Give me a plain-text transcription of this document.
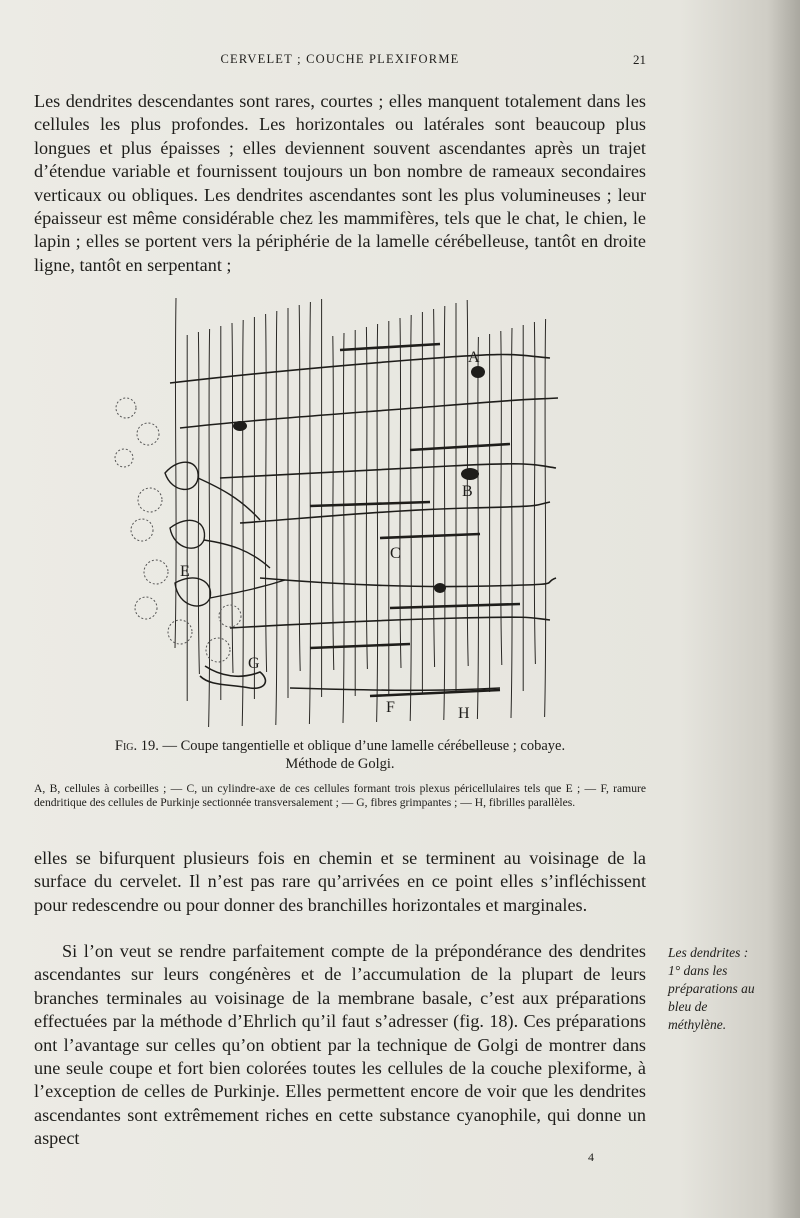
CERVELET ; COUCHE PLEXIFORME	21

Les dendrites descendantes sont rares, courtes ; elles manquent totalement dans les cellules les plus profondes. Les horizontales ou latérales sont beaucoup plus longues et plus épaisses ; elles deviennent souvent ascendantes après un trajet d’étendue variable et fournissent toujours un bon nombre de rameaux secondaires verticaux ou obliques. Les dendrites ascendantes sont les plus volumineuses ; leur épaisseur est même considérable chez les mammifères, tels que le chat, le chien, le lapin ; elles se portent vers la périphérie de la lamelle cérébelleuse, tantôt en droite ligne, tantôt en serpentant ;

A
B
C
E
F
G
H
Fig. 19. — Coupe tangentielle et oblique d’une lamelle cérébelleuse ; cobaye.
Méthode de Golgi.
A, B, cellules à corbeilles ; — C, un cylindre-axe de ces cellules formant trois plexus péricellulaires tels que E ; — F, ramure dendritique des cellules de Purkinje sectionnée transversalement ; — G, fibres grimpantes ; — H, fibrilles parallèles.

elles se bifurquent plusieurs fois en chemin et se terminent au voisinage de la surface du cervelet. Il n’est pas rare qu’arrivées en ce point elles s’infléchissent pour redescendre ou pour donner des branchilles horizontales et marginales.

Si l’on veut se rendre parfaitement compte de la prépondérance des dendrites ascendantes sur leurs congénères et de l’accumulation de la plupart de leurs branches terminales au voisinage de la membrane basale, c’est aux préparations effectuées par la méthode d’Ehrlich qu’il faut s’adresser (fig. 18). Ces préparations ont l’avantage sur celles qu’on obtient par la technique de Golgi de montrer dans une seule coupe et fort bien colorées toutes les cellules de la couche plexiforme, à l’exception de celles de Purkinje. Elles permettent encore de voir que les dendrites ascendantes sont extrêmement riches en cette substance cyanophile, qui donne un aspect

Les dendrites :

1° dans les préparations au bleu de méthylène.

4
